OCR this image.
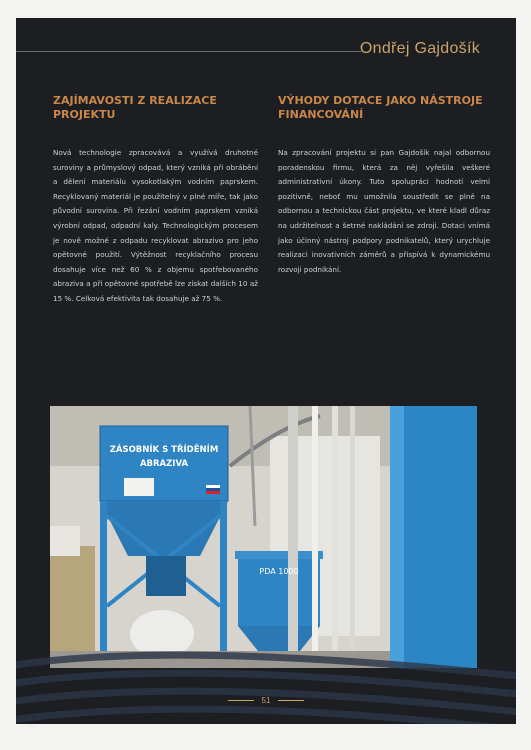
Ondřej Gajdošík
ZAJÍMAVOSTI Z REALIZACE
PROJEKTU

Nová technologie zpracovává a využívá druhotné suroviny a průmyslový odpad, který vzniká při obrábění a dělení materiálu vysokotlakým vodním paprskem. Recyklovaný materiál je použitelný v plné míře, tak jako původní surovina. Při řezání vodním paprskem vzniká výrobní odpad, odpadní kaly. Technologickým procesem je nově možné z odpadu recyklovat abrazivo pro jeho opětovné použití. Výtěžnost recyklačního procesu dosahuje více než 60 % z objemu spotřebovaného abraziva a při opětovné spotřebě lze získat dalších 10 až 15 %. Celková efektivita tak dosahuje až 75 %.

VÝHODY DOTACE JAKO NÁSTROJE
FINANCOVÁNÍ

Na zpracování projektu si pan Gajdošík najal odbornou poradenskou firmu, která za něj vyřešila veškeré administrativní úkony. Tuto spolupráci hodnotí velmi pozitivně, neboť mu umožnila soustředit se plně na odbornou a technickou část projektu, ve které kladl důraz na udržitelnost a šetrné nakládání se zdroji. Dotaci vnímá jako účinný nástroj podpory podnikatelů, který urychluje realizaci inovativních záměrů a přispívá k dynamickému rozvoji podnikání.

ZÁSOBNÍK S TŘÍDĚNÍM
ABRAZIVA
PDA 1000
51
